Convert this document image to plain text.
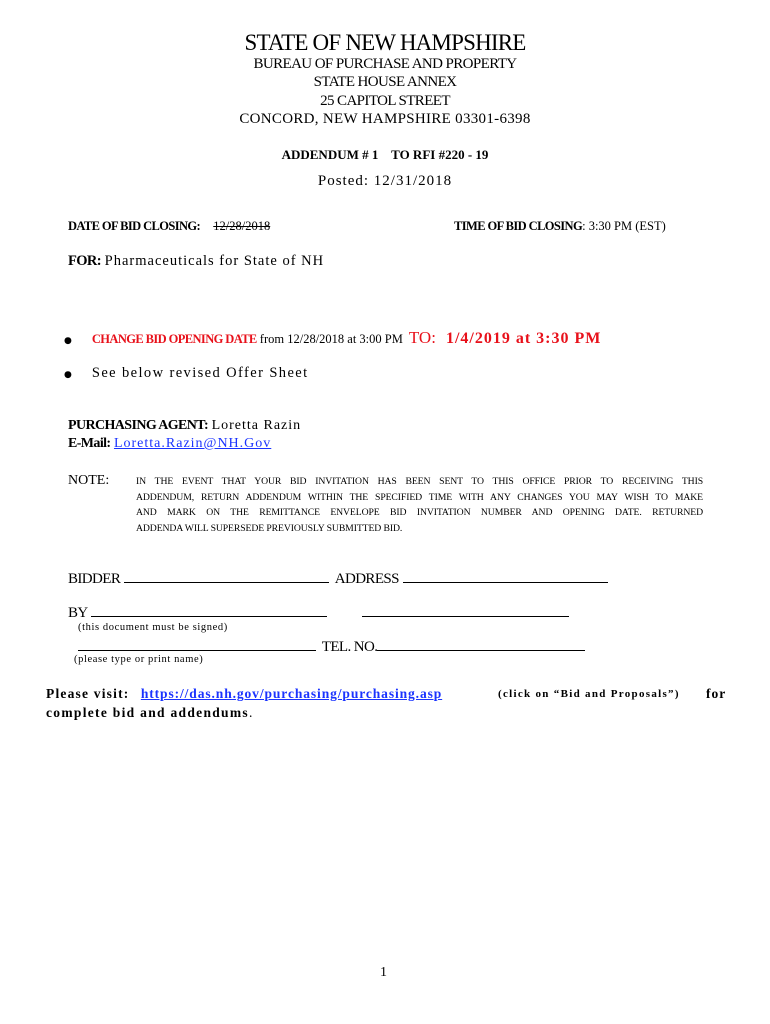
STATE OF NEW HAMPSHIRE
BUREAU OF PURCHASE AND PROPERTY
STATE HOUSE ANNEX
25 CAPITOL STREET
CONCORD, NEW HAMPSHIRE 03301-6398
ADDENDUM # 1    TO RFI #220 - 19
Posted: 12/31/2018
DATE OF BID CLOSING: 12/28/2018	TIME OF BID CLOSING: 3:30 PM (EST)
FOR: Pharmaceuticals for State of NH
● CHANGE BID OPENING DATE from 12/28/2018 at 3:00 PM TO: 1/4/2019 at 3:30 PM
● See below revised Offer Sheet
PURCHASING AGENT: Loretta Razin
E-Mail: Loretta.Razin@NH.Gov
NOTE:	IN THE EVENT THAT YOUR BID INVITATION HAS BEEN SENT TO THIS OFFICE PRIOR TO RECEIVING THIS
ADDENDUM, RETURN ADDENDUM WITHIN THE SPECIFIED TIME WITH ANY CHANGES YOU MAY WISH TO MAKE
AND MARK ON THE REMITTANCE ENVELOPE BID INVITATION NUMBER AND OPENING DATE. RETURNED
ADDENDA WILL SUPERSEDE PREVIOUSLY SUBMITTED BID.
BIDDER	ADDRESS
BY
(this document must be signed)
TEL. NO.
(please type or print name)
Please visit: https://das.nh.gov/purchasing/purchasing.asp	(click on “Bid and Proposals”) for
complete bid and addendums.
1
